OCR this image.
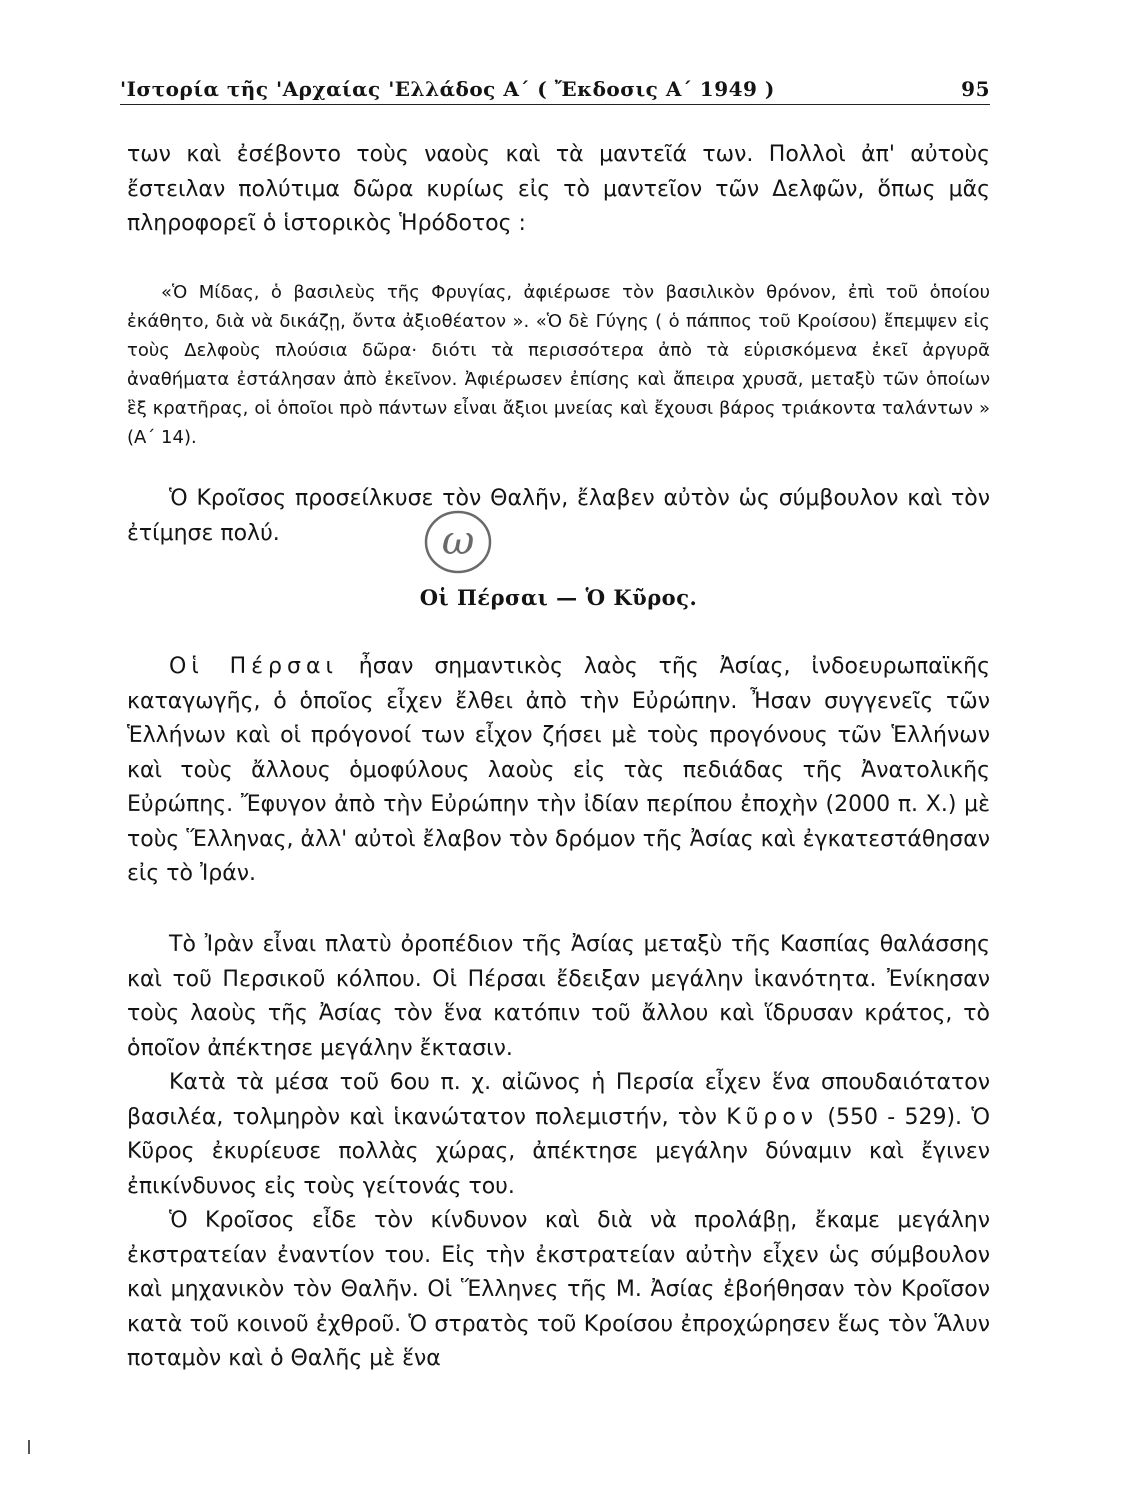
'Ιστορία τῆς 'Αρχαίας 'Ελλάδος Α΄ ( Ἔκδοσις Α΄ 1949 )	95

των καὶ ἐσέβοντο τοὺς ναοὺς καὶ τὰ μαντεῖά των. Πολλοὶ ἀπ' αὐτοὺς ἔστειλαν πολύτιμα δῶρα κυρίως εἰς τὸ μαντεῖον τῶν Δελφῶν, ὅπως μᾶς πληροφορεῖ ὁ ἱστορικὸς Ἡρόδοτος :

«Ὁ Μίδας, ὁ βασιλεὺς τῆς Φρυγίας, ἀφιέρωσε τὸν βασιλικὸν θρόνον, ἐπὶ τοῦ ὁποίου ἐκάθητο, διὰ νὰ δικάζῃ, ὄντα ἀξιοθέατον ». «Ὁ δὲ Γύγης ( ὁ πάππος τοῦ Κροίσου) ἔπεμψεν εἰς τοὺς Δελφοὺς πλούσια δῶρα· διότι τὰ περισσότερα ἀπὸ τὰ εὑρισκόμενα ἐκεῖ ἀργυρᾶ ἀναθήματα ἐστάλησαν ἀπὸ ἐκεῖνον. Ἀφιέρωσεν ἐπίσης καὶ ἄπειρα χρυσᾶ, μεταξὺ τῶν ὁποίων ἓξ κρατῆρας, οἱ ὁποῖοι πρὸ πάντων εἶναι ἄξιοι μνείας καὶ ἔχουσι βάρος τριάκοντα ταλάντων » (Α΄ 14).

Ὁ Κροῖσος προσείλκυσε τὸν Θαλῆν, ἔλαβεν αὐτὸν ὡς σύμβουλον καὶ τὸν ἐτίμησε πολύ.	ω
Οἱ Πέρσαι — Ὁ Κῦρος.

Οἱ Πέρσαι ἦσαν σημαντικὸς λαὸς τῆς Ἀσίας, ἰνδοευρωπαϊκῆς καταγωγῆς, ὁ ὁποῖος εἶχεν ἔλθει ἀπὸ τὴν Εὐρώπην. Ἦσαν συγγενεῖς τῶν Ἑλλήνων καὶ οἱ πρόγονοί των εἶχον ζήσει μὲ τοὺς προγόνους τῶν Ἑλλήνων καὶ τοὺς ἄλλους ὁμοφύλους λαοὺς εἰς τὰς πεδιάδας τῆς Ἀνατολικῆς Εὐρώπης. Ἔφυγον ἀπὸ τὴν Εὐρώπην τὴν ἰδίαν περίπου ἐποχὴν (2000 π. Χ.) μὲ τοὺς Ἕλληνας, ἀλλ' αὐτοὶ ἔλαβον τὸν δρόμον τῆς Ἀσίας καὶ ἐγκατεστάθησαν εἰς τὸ Ἰράν.

Τὸ Ἰρὰν εἶναι πλατὺ ὀροπέδιον τῆς Ἀσίας μεταξὺ τῆς Κασπίας θαλάσσης καὶ τοῦ Περσικοῦ κόλπου. Οἱ Πέρσαι ἔδειξαν μεγάλην ἱκανότητα. Ἐνίκησαν τοὺς λαοὺς τῆς Ἀσίας τὸν ἕνα κατόπιν τοῦ ἄλλου καὶ ἵδρυσαν κράτος, τὸ ὁποῖον ἀπέκτησε μεγάλην ἔκτασιν.

Κατὰ τὰ μέσα τοῦ 6ου π. χ. αἰῶνος ἡ Περσία εἶχεν ἕνα σπουδαιότατον βασιλέα, τολμηρὸν καὶ ἱκανώτατον πολεμιστήν, τὸν Κῦρον (550 - 529). Ὁ Κῦρος ἐκυρίευσε πολλὰς χώρας, ἀπέκτησε μεγάλην δύναμιν καὶ ἔγινεν ἐπικίνδυνος εἰς τοὺς γείτονάς του.

Ὁ Κροῖσος εἶδε τὸν κίνδυνον καὶ διὰ νὰ προλάβῃ, ἔκαμε μεγάλην ἐκστρατείαν ἐναντίον του. Εἰς τὴν ἐκστρατείαν αὐτὴν εἶχεν ὡς σύμβουλον καὶ μηχανικὸν τὸν Θαλῆν. Οἱ Ἕλληνες τῆς Μ. Ἀσίας ἐβοήθησαν τὸν Κροῖσον κατὰ τοῦ κοινοῦ ἐχθροῦ. Ὁ στρατὸς τοῦ Κροίσου ἐπροχώρησεν ἕως τὸν Ἅλυν ποταμὸν καὶ ὁ Θαλῆς μὲ ἕνα
